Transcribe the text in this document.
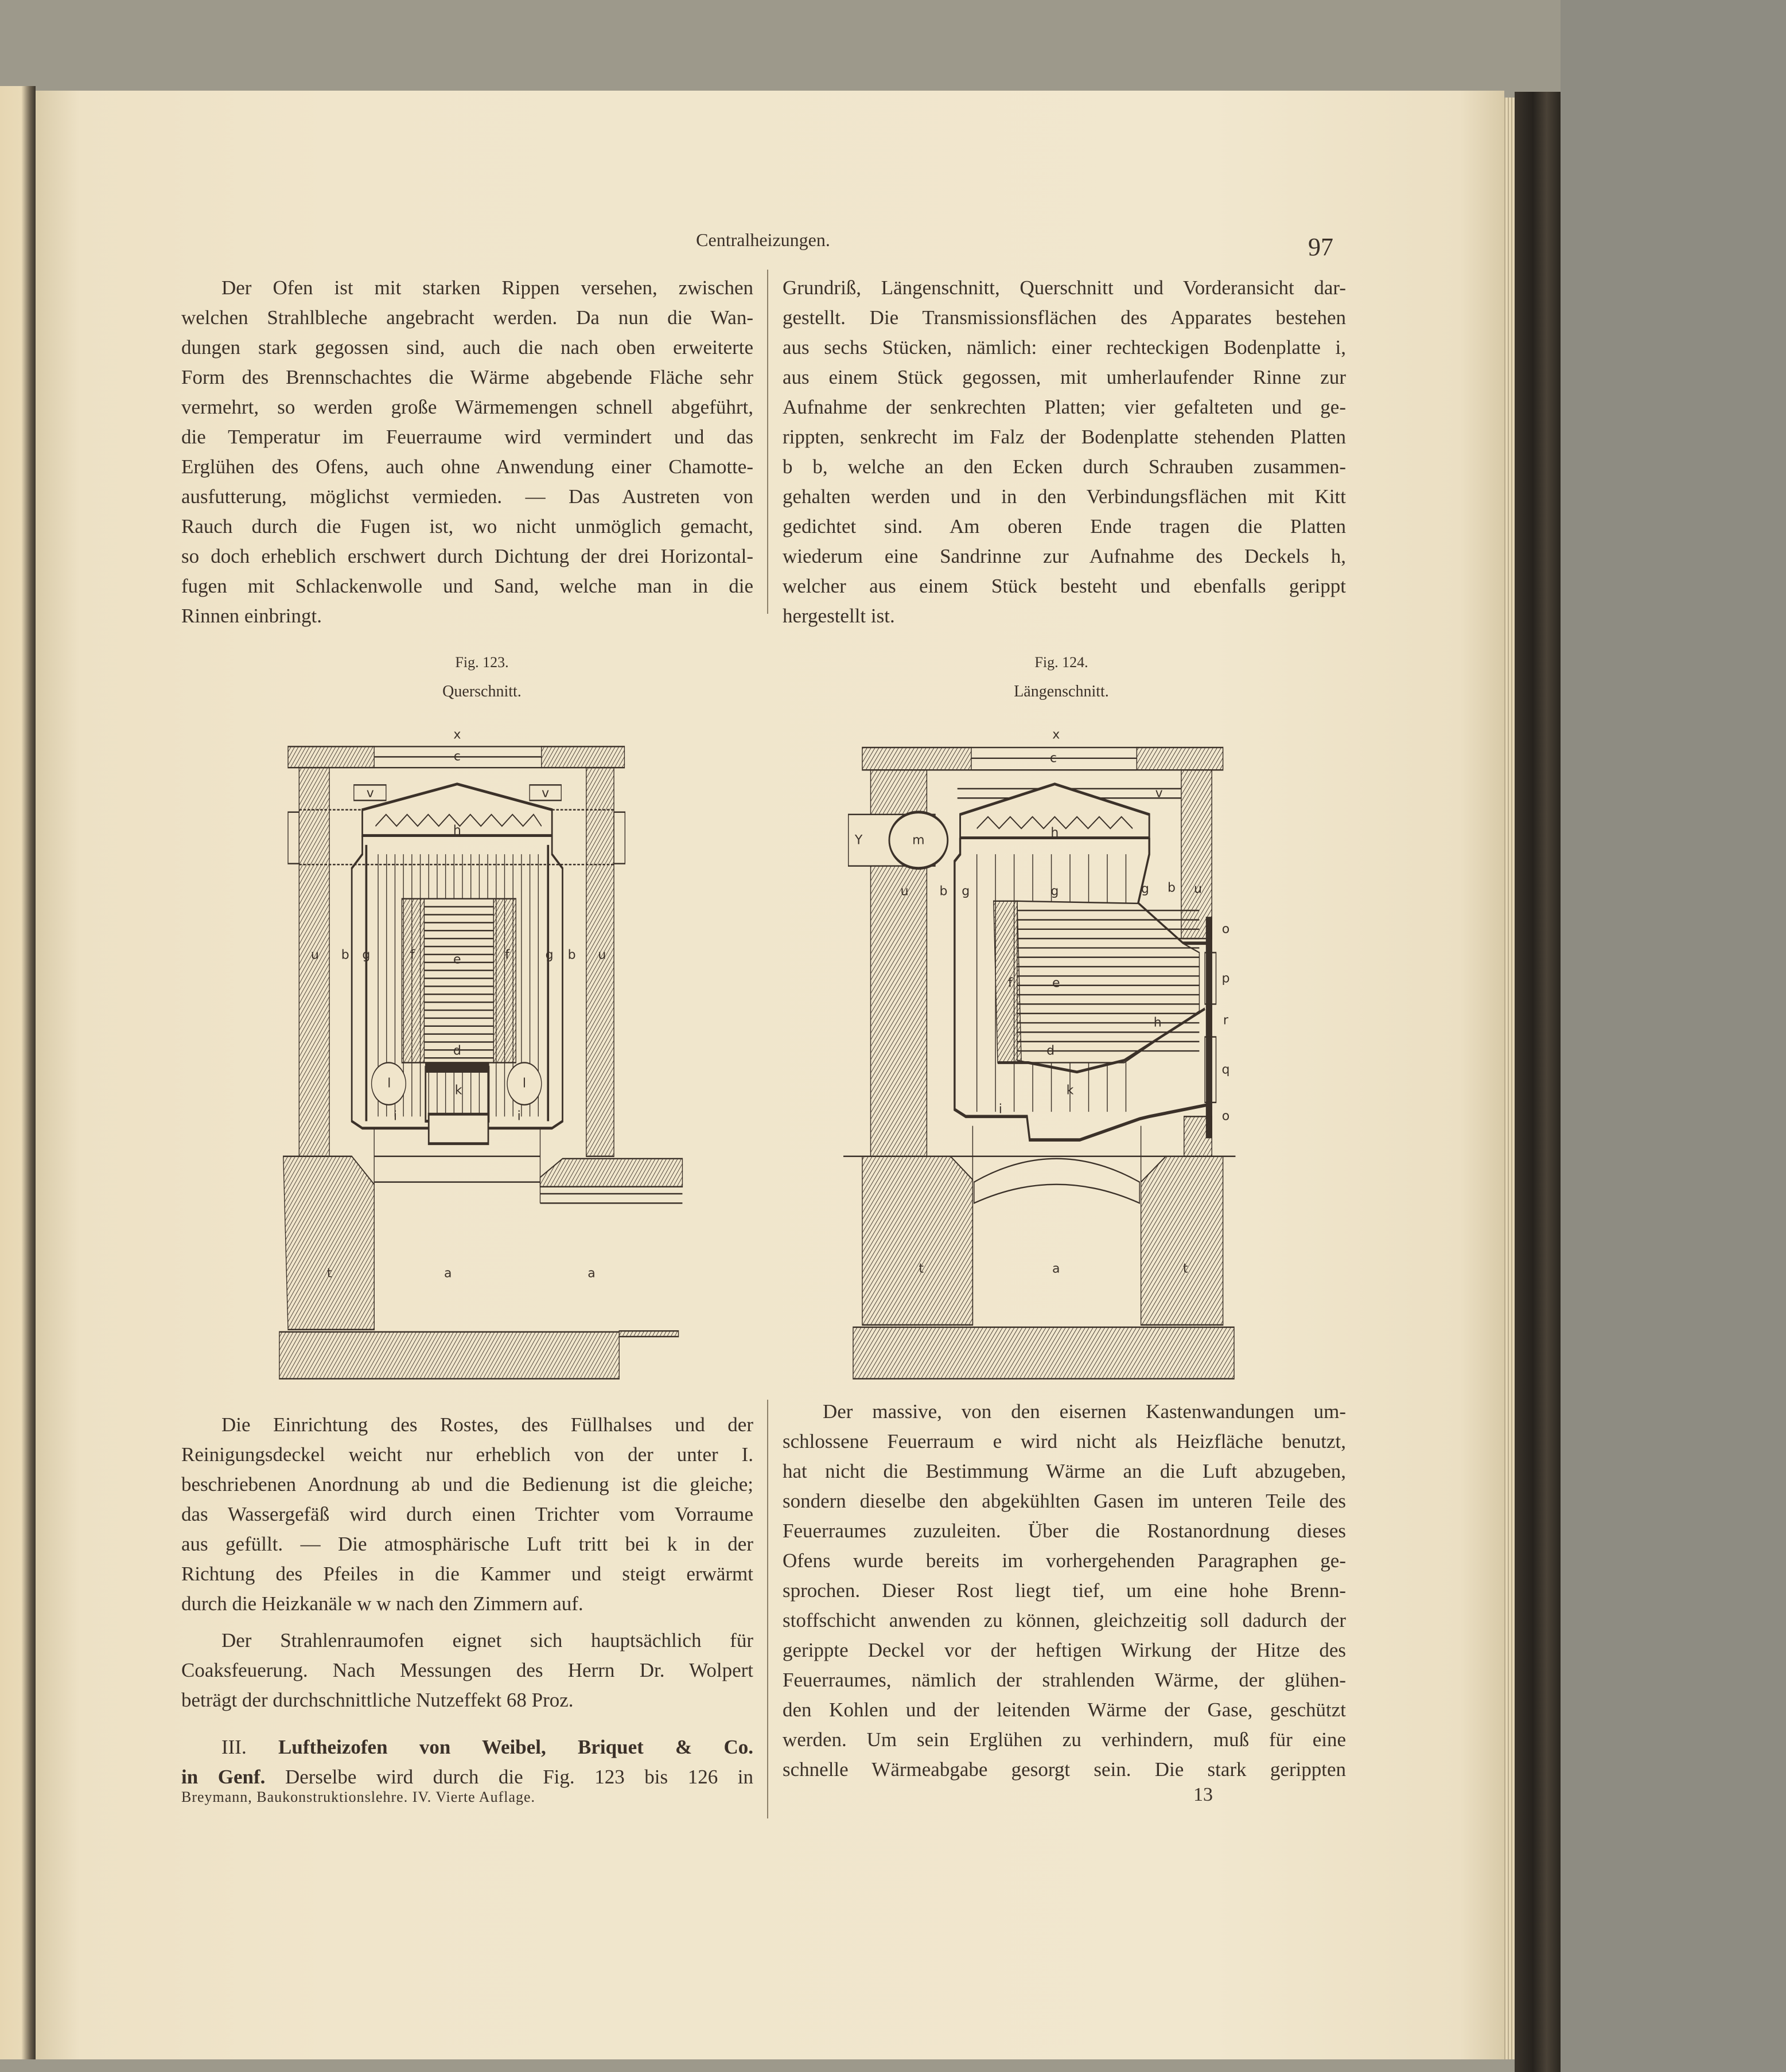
Centralheizungen.	97
Der Ofen ist mit starken Rippen versehen, zwischen
welchen Strahlbleche angebracht werden. Da nun die Wan-
dungen stark gegossen sind, auch die nach oben erweiterte
Form des Brennschachtes die Wärme abgebende Fläche sehr
vermehrt, so werden große Wärmemengen schnell abgeführt,
die Temperatur im Feuerraume wird vermindert und das
Erglühen des Ofens, auch ohne Anwendung einer Chamotte-
ausfutterung, möglichst vermieden. — Das Austreten von
Rauch durch die Fugen ist, wo nicht unmöglich gemacht,
so doch erheblich erschwert durch Dichtung der drei Horizontal-
fugen mit Schlackenwolle und Sand, welche man in die
Rinnen einbringt.
Grundriß, Längenschnitt, Querschnitt und Vorderansicht dar-
gestellt. Die Transmissionsflächen des Apparates bestehen
aus sechs Stücken, nämlich: einer rechteckigen Bodenplatte i,
aus einem Stück gegossen, mit umherlaufender Rinne zur
Aufnahme der senkrechten Platten; vier gefalteten und ge-
rippten, senkrecht im Falz der Bodenplatte stehenden Platten
b b, welche an den Ecken durch Schrauben zusammen-
gehalten werden und in den Verbindungsflächen mit Kitt
gedichtet sind. Am oberen Ende tragen die Platten
wiederum eine Sandrinne zur Aufnahme des Deckels h,
welcher aus einem Stück besteht und ebenfalls gerippt
hergestellt ist.
Die Einrichtung des Rostes, des Füllhalses und der
Reinigungsdeckel weicht nur erheblich von der unter I.
beschriebenen Anordnung ab und die Bedienung ist die gleiche;
das Wassergefäß wird durch einen Trichter vom Vorraume
aus gefüllt. — Die atmosphärische Luft tritt bei k in der
Richtung des Pfeiles in die Kammer und steigt erwärmt
durch die Heizkanäle w w nach den Zimmern auf.
Der Strahlenraumofen eignet sich hauptsächlich für
Coaksfeuerung. Nach Messungen des Herrn Dr. Wolpert
beträgt der durchschnittliche Nutzeffekt 68 Proz.
Der massive, von den eisernen Kastenwandungen um-
schlossene Feuerraum e wird nicht als Heizfläche benutzt,
hat nicht die Bestimmung Wärme an die Luft abzugeben,
sondern dieselbe den abgekühlten Gasen im unteren Teile des
Feuerraumes zuzuleiten. Über die Rostanordnung dieses
Ofens wurde bereits im vorhergehenden Paragraphen ge-
sprochen. Dieser Rost liegt tief, um eine hohe Brenn-
stoffschicht anwenden zu können, gleichzeitig soll dadurch der
gerippte Deckel vor der heftigen Wirkung der Hitze des
Feuerraumes, nämlich der strahlenden Wärme, der glühen-
den Kohlen und der leitenden Wärme der Gase, geschützt
werden. Um sein Erglühen zu verhindern, muß für eine
schnelle Wärmeabgabe gesorgt sein. Die stark gerippten
III. Luftheizofen von Weibel, Briquet & Co.
in Genf. Derselbe wird durch die Fig. 123 bis 126 in
Breymann, Baukonstruktionslehre. IV. Vierte Auflage.	13
Fig. 123.
Querschnitt.
x
c
v	v
h
u b g	f	e	f	g b u
d
l	k	l
i	i
t	a	a
Fig. 124.
Längenschnitt.
x
c
v
Y	m	h
u b g	g	g b u
o
p
e
f
h	r
d
q
k
i	o
t	a	t
